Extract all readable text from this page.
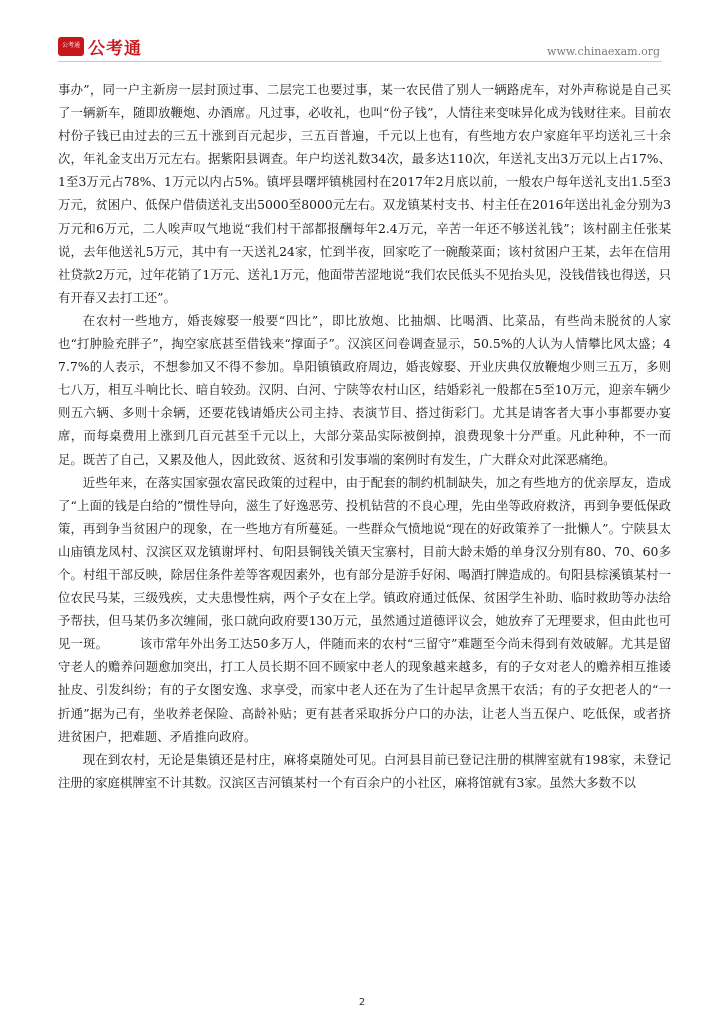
公考通 公考通	www.chinaexam.org

事办”，同一户主新房一层封顶过事、二层完工也要过事，某一农民借了别人一辆路虎车，对外声称说是自己买了一辆新车，随即放鞭炮、办酒席。凡过事，必收礼，也叫“份子钱”，人情往来变味异化成为钱财往来。目前农村份子钱已由过去的三五十涨到百元起步，三五百普遍，千元以上也有，有些地方农户家庭年平均送礼三十余次，年礼金支出万元左右。据紫阳县调查。年户均送礼数34次，最多达110次，年送礼支出3万元以上占17%、1至3万元占78%、1万元以内占5%。镇坪县曙坪镇桃园村在2017年2月底以前，一般农户每年送礼支出1.5至3万元，贫困户、低保户借债送礼支出5000至8000元左右。双龙镇某村支书、村主任在2016年送出礼金分别为3万元和6万元，二人唉声叹气地说“我们村干部都报酬每年2.4万元，辛苦一年还不够送礼钱”；该村副主任张某说，去年他送礼5万元，其中有一天送礼24家，忙到半夜，回家吃了一碗酸菜面；该村贫困户王某，去年在信用社贷款2万元，过年花销了1万元、送礼1万元，他面带苦涩地说“我们农民低头不见抬头见，没钱借钱也得送，只有开春又去打工还”。

在农村一些地方，婚丧嫁娶一般要“四比”，即比放炮、比抽烟、比喝酒、比菜品，有些尚未脱贫的人家也“打肿脸充胖子”，掏空家底甚至借钱来“撑面子”。汉滨区问卷调查显示，50.5%的人认为人情攀比风太盛；47.7%的人表示，不想参加又不得不参加。阜阳镇镇政府周边，婚丧嫁娶、开业庆典仅放鞭炮少则三五万，多则七八万，相互斗响比长、暗自较劲。汉阴、白河、宁陕等农村山区，结婚彩礼一般都在5至10万元，迎亲车辆少则五六辆、多则十余辆，还要花钱请婚庆公司主持、表演节目、搭过街彩门。尤其是请客者大事小事都要办宴席，而每桌费用上涨到几百元甚至千元以上，大部分菜品实际被倒掉，浪费现象十分严重。凡此种种，不一而足。既苦了自己，又累及他人，因此致贫、返贫和引发事端的案例时有发生，广大群众对此深恶痛绝。

近些年来，在落实国家强农富民政策的过程中，由于配套的制约机制缺失，加之有些地方的优亲厚友，造成了“上面的钱是白给的”惯性导向，滋生了好逸恶劳、投机钻营的不良心理，先由坐等政府救济，再到争要低保政策，再到争当贫困户的现象，在一些地方有所蔓延。一些群众气愤地说“现在的好政策养了一批懒人”。宁陕县太山庙镇龙凤村、汉滨区双龙镇谢坪村、旬阳县铜钱关镇天宝寨村，目前大龄未婚的单身汉分别有80、70、60多个。村组干部反映，除居住条件差等客观因素外，也有部分是游手好闲、喝酒打牌造成的。旬阳县棕溪镇某村一位农民马某，三级残疾，丈夫患慢性病，两个子女在上学。镇政府通过低保、贫困学生补助、临时救助等办法给予帮扶，但马某仍多次缠闹，张口就向政府要130万元，虽然通过道德评议会，她放弃了无理要求，但由此也可见一斑。　　　该市常年外出务工达50多万人，伴随而来的农村“三留守”难题至今尚未得到有效破解。尤其是留守老人的赡养问题愈加突出，打工人员长期不回不顾家中老人的现象越来越多，有的子女对老人的赡养相互推诿扯皮、引发纠纷；有的子女图安逸、求享受，而家中老人还在为了生计起早贪黑干农活；有的子女把老人的“一折通”据为己有，坐收养老保险、高龄补贴；更有甚者采取拆分户口的办法，让老人当五保户、吃低保，或者挤进贫困户，把难题、矛盾推向政府。

现在到农村，无论是集镇还是村庄，麻将桌随处可见。白河县目前已登记注册的棋牌室就有198家，未登记注册的家庭棋牌室不计其数。汉滨区吉河镇某村一个有百余户的小社区，麻将馆就有3家。虽然大多数不以

2
